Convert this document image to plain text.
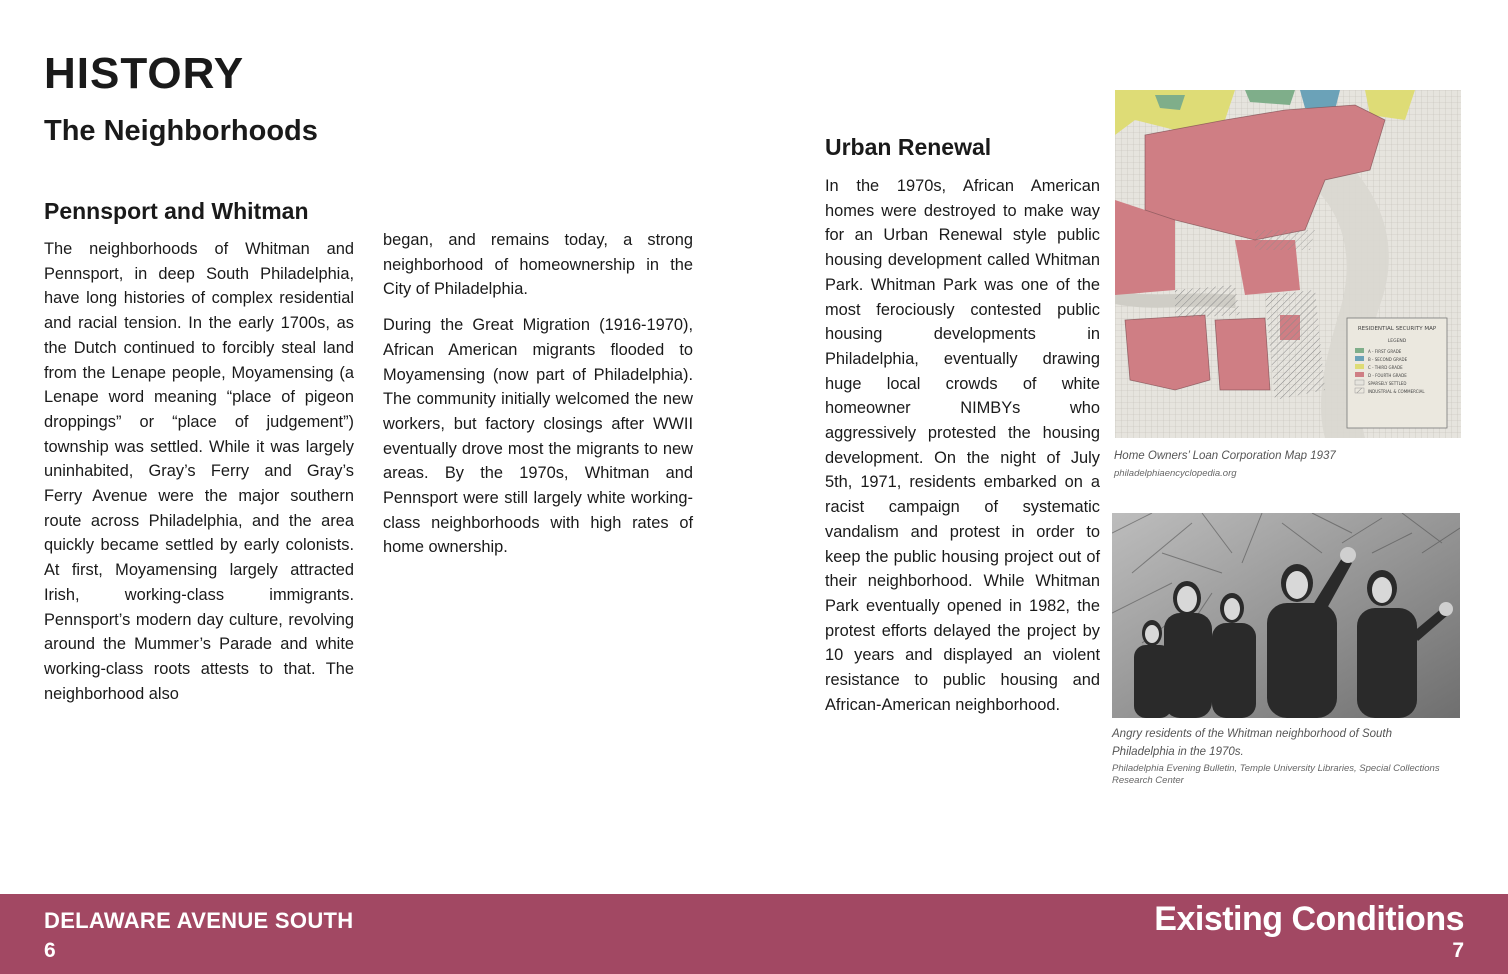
HISTORY
The Neighborhoods
Pennsport and Whitman

The neighborhoods of Whitman and Pennsport, in deep South Philadelphia, have long histories of complex residential and racial tension. In the early 1700s, as the Dutch continued to forcibly steal land from the Lenape people, Moyamensing (a Lenape word meaning “place of pigeon droppings” or “place of judgement”) township was settled. While it was largely uninhabited, Gray’s Ferry and Gray’s Ferry Avenue were the major southern route across Philadelphia, and the area quickly became settled by early colonists. At first, Moyamensing largely attracted Irish, working-class immigrants. Pennsport’s modern day culture, revolving around the Mummer’s Parade and white working-class roots attests to that. The neighborhood also

began, and remains today, a strong neighborhood of homeownership in the City of Philadelphia.

During the Great Migration (1916-1970), African American migrants flooded to Moyamensing (now part of Philadelphia). The community initially welcomed the new workers, but factory closings after WWII eventually drove most the migrants to new areas. By the 1970s, Whitman and Pennsport were still largely white working-class neighborhoods with high rates of home ownership.

Urban Renewal

In the 1970s, African American homes were destroyed to make way for an Urban Renewal style public housing development called Whitman Park. Whitman Park was one of the most ferociously contested public housing developments in Philadelphia, eventually drawing huge local crowds of white homeowner NIMBYs who aggressively protested the housing development. On the night of July 5th, 1971, residents embarked on a racist campaign of systematic vandalism and protest in order to keep the public housing project out of their neighborhood. While Whitman Park eventually opened in 1982, the protest efforts delayed the project by 10 years and displayed an violent resistance to public housing and African-American neighborhood.

RESIDENTIAL SECURITY MAP
LEGEND
A - FIRST GRADE
B - SECOND GRADE
C - THIRD GRADE
D - FOURTH GRADE
SPARSELY SETTLED
INDUSTRIAL & COMMERCIAL
Home Owners’ Loan Corporation Map 1937
philadelphiaencyclopedia.org
Angry residents of the Whitman neighborhood of South Philadelphia in the 1970s.
Philadelphia Evening Bulletin, Temple University Libraries, Special Collections Research Center
DELAWARE AVENUE SOUTH
6
Existing Conditions
7
